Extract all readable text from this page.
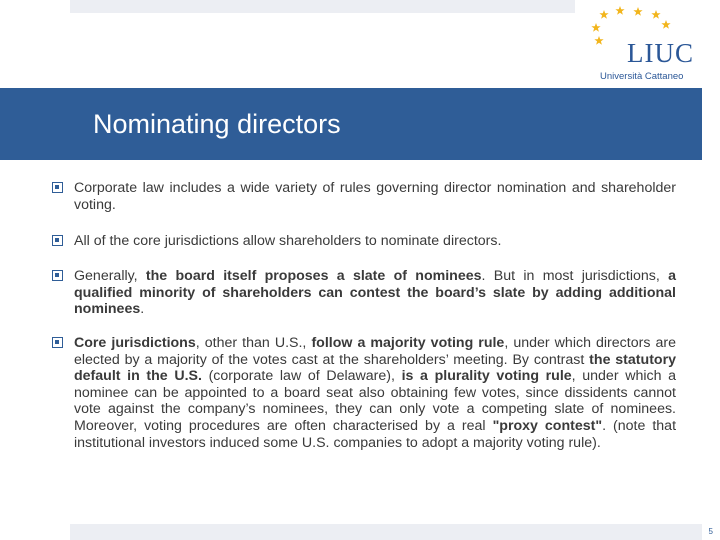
LIUC
Università Cattaneo
Nominating directors

Corporate law includes a wide variety of rules governing director nomination and shareholder voting.

All of the core jurisdictions allow shareholders to nominate directors.

Generally, the board itself proposes a slate of nominees. But in most jurisdictions, a qualified minority of shareholders can contest the board’s slate by adding additional nominees.

Core jurisdictions, other than U.S., follow a majority voting rule, under which directors are elected by a majority of the votes cast at the shareholders’ meeting. By contrast the statutory default in the U.S. (corporate law of Delaware), is a plurality voting rule, under which a nominee can be appointed to a board seat also obtaining few votes, since dissidents cannot vote against the company’s nominees, they can only vote a competing slate of nominees. Moreover, voting procedures are often characterised by a real "proxy contest". (note that institutional investors induced some U.S. companies to adopt a majority voting rule).

5
